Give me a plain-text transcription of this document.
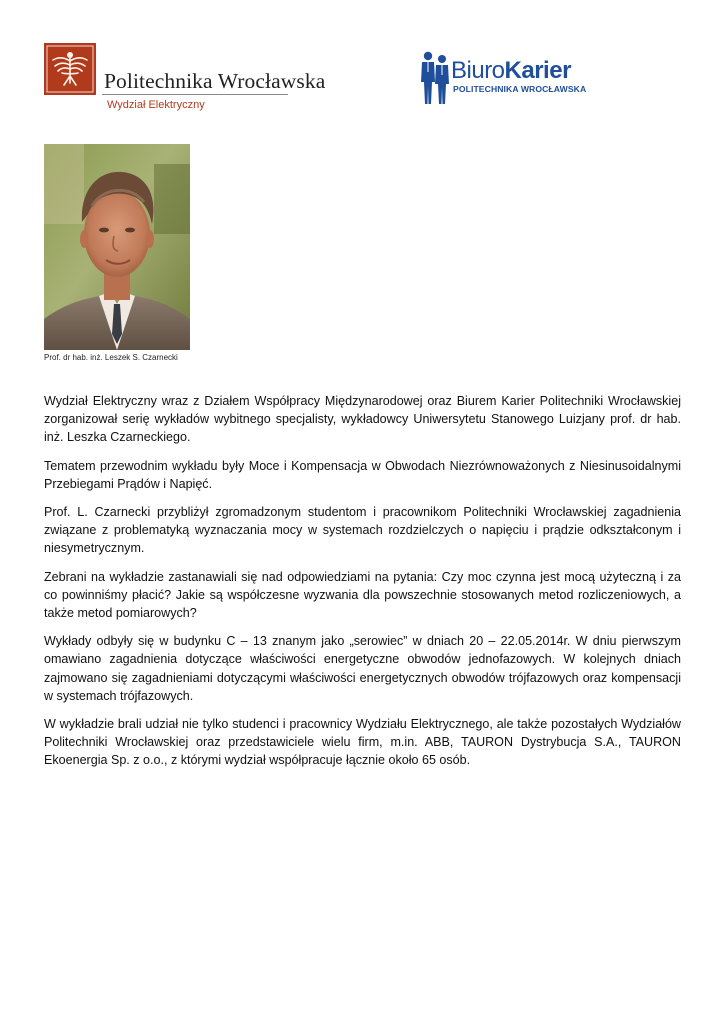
Politechnika Wrocławska
Wydział Elektryczny
BiuroKarier
POLITECHNIKA WROCŁAWSKA
Prof. dr hab. inż. Leszek S. Czarnecki

Wydział Elektryczny wraz z Działem Współpracy Międzynarodowej oraz Biurem Karier Politechniki Wrocławskiej zorganizował serię wykładów wybitnego specjalisty, wykładowcy Uniwersytetu Stanowego Luizjany prof. dr hab. inż. Leszka Czarneckiego.

Tematem przewodnim wykładu były Moce i Kompensacja w Obwodach Niezrównoważonych z Niesinusoidalnymi Przebiegami Prądów i Napięć.

Prof. L. Czarnecki przybliżył zgromadzonym studentom i pracownikom Politechniki Wrocławskiej zagadnienia związane z problematyką wyznaczania mocy w systemach rozdzielczych o napięciu i prądzie odkształconym i niesymetrycznym.

Zebrani na wykładzie zastanawiali się nad odpowiedziami na pytania: Czy moc czynna jest mocą użyteczną i za co powinniśmy płacić? Jakie są współczesne wyzwania dla powszechnie stosowanych metod rozliczeniowych, a także metod pomiarowych?

Wykłady odbyły się w budynku C – 13 znanym jako „serowiec” w dniach 20 – 22.05.2014r. W dniu pierwszym omawiano zagadnienia dotyczące właściwości energetyczne obwodów jednofazowych. W kolejnych dniach zajmowano się zagadnieniami dotyczącymi właściwości energetycznych obwodów trójfazowych oraz kompensacji w systemach trójfazowych.

W wykładzie brali udział nie tylko studenci i pracownicy Wydziału Elektrycznego, ale także pozostałych Wydziałów Politechniki Wrocławskiej oraz przedstawiciele wielu firm, m.in. ABB, TAURON Dystrybucja S.A., TAURON Ekoenergia Sp. z o.o., z którymi wydział współpracuje łącznie około 65 osób.
